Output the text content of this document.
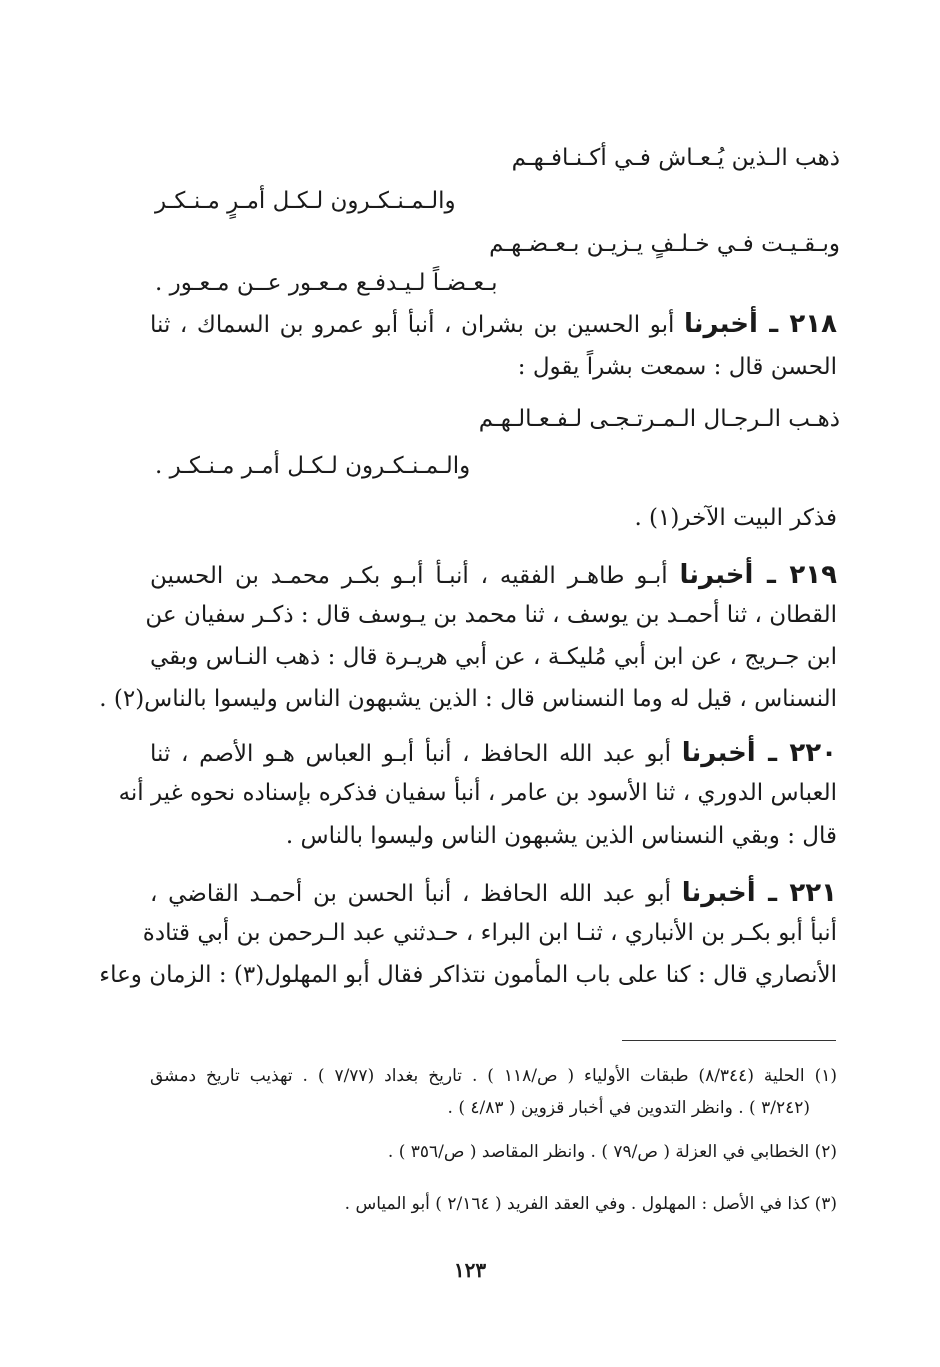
ذهب الـذين يُـعـاش فـي أكـنـافـهـم
والـمـنـكـرون لـكـل أمـرٍ مـنـكـر
وبـقـيـت فـي خـلـفٍ يـزيـن بـعـضـهـم
بـعـضـاً لـيـدفـع مـعـور عــن مـعـور .
٢١٨ ـ أخبرنا أبو الحسين بن بشران ، أنبأ أبو عمرو بن السماك ، ثنا
الحسن قال : سمعت بشراً يقول :
ذهـب الـرجـال الـمـرتـجـى لـفـعـالـهـم
والـمـنـكـرون لـكـل أمـر مـنـكـر .
فذكر البيت الآخر(١) .
٢١٩ ـ أخبرنا أبـو طاهـر الفقيه ، أنبـأ أبـو بكـر محمـد بن الحسين
القطان ، ثنا أحمـد بن يوسف ، ثنا محمد بن يـوسف قال : ذكـر سفيان عن
ابن جـريج ، عن ابن أبي مُليكـة ، عن أبي هريـرة قال : ذهب النـاس وبقي
النسناس ، قيل له وما النسناس قال : الذين يشبهون الناس وليسوا بالناس(٢) .
٢٢٠ ـ أخبرنا أبو عبد الله الحافظ ، أنبأ أبـو العباس هـو الأصم ، ثنا
العباس الدوري ، ثنا الأسود بن عامر ، أنبأ سفيان فذكره بإسناده نحوه غير أنه
قال : وبقي النسناس الذين يشبهون الناس وليسوا بالناس .
٢٢١ ـ أخبرنا أبو عبد الله الحافظ ، أنبأ الحسن بن أحمـد القاضي ،
أنبأ أبو بكـر بن الأنباري ، ثنـا ابن البراء ، حـدثني عبد الـرحمن بن أبي قتادة
الأنصاري قال : كنا على باب المأمون نتذاكر فقال أبو المهلول(٣) : الزمان وعاء
(١) الحلية (٨/٣٤٤) طبقات الأولياء ( ص/١١٨ ) . تاريخ بغداد (٧/٧٧ ) . تهذيب تاريخ دمشق
(٣/٢٤٢ ) . وانظر التدوين في أخبار قزوين ( ٤/٨٣ ) .
(٢) الخطابي في العزلة ( ص/٧٩ ) . وانظر المقاصد ( ص/٣٥٦ ) .
(٣) كذا في الأصل : المهلول . وفي العقد الفريد ( ٢/١٦٤ ) أبو المياس .
١٢٣
